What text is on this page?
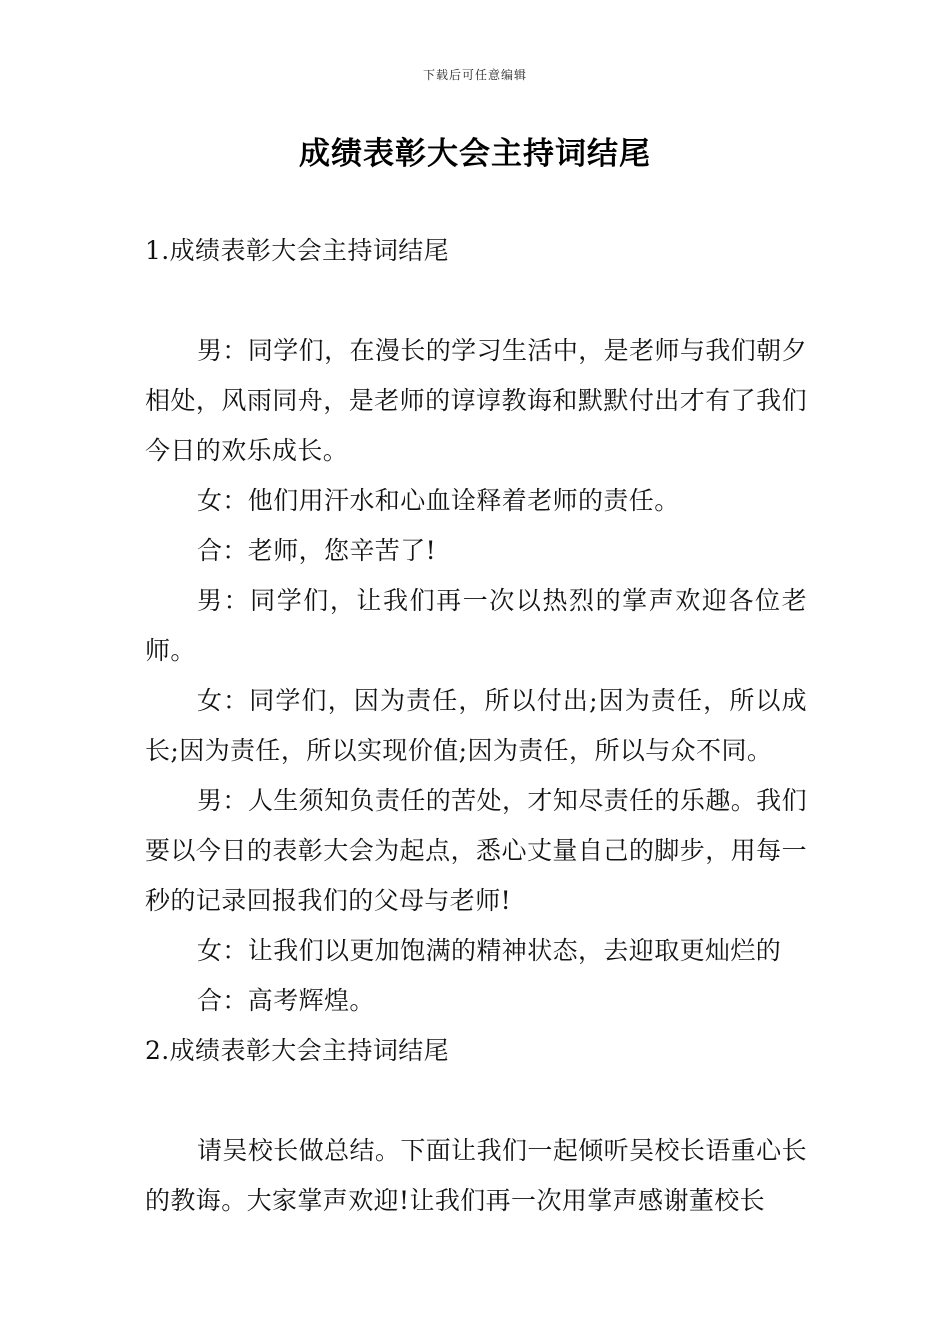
下载后可任意编辑
成绩表彰大会主持词结尾

1.成绩表彰大会主持词结尾

男：同学们，在漫长的学习生活中，是老师与我们朝夕相处，风雨同舟，是老师的谆谆教诲和默默付出才有了我们今日的欢乐成长。

女：他们用汗水和心血诠释着老师的责任。

合：老师，您辛苦了!

男：同学们，让我们再一次以热烈的掌声欢迎各位老师。

女：同学们，因为责任，所以付出;因为责任，所以成长;因为责任，所以实现价值;因为责任，所以与众不同。

男：人生须知负责任的苦处，才知尽责任的乐趣。我们要以今日的表彰大会为起点，悉心丈量自己的脚步，用每一秒的记录回报我们的父母与老师!

女：让我们以更加饱满的精神状态，去迎取更灿烂的

合：高考辉煌。

2.成绩表彰大会主持词结尾

请吴校长做总结。下面让我们一起倾听吴校长语重心长的教诲。大家掌声欢迎!让我们再一次用掌声感谢董校长
